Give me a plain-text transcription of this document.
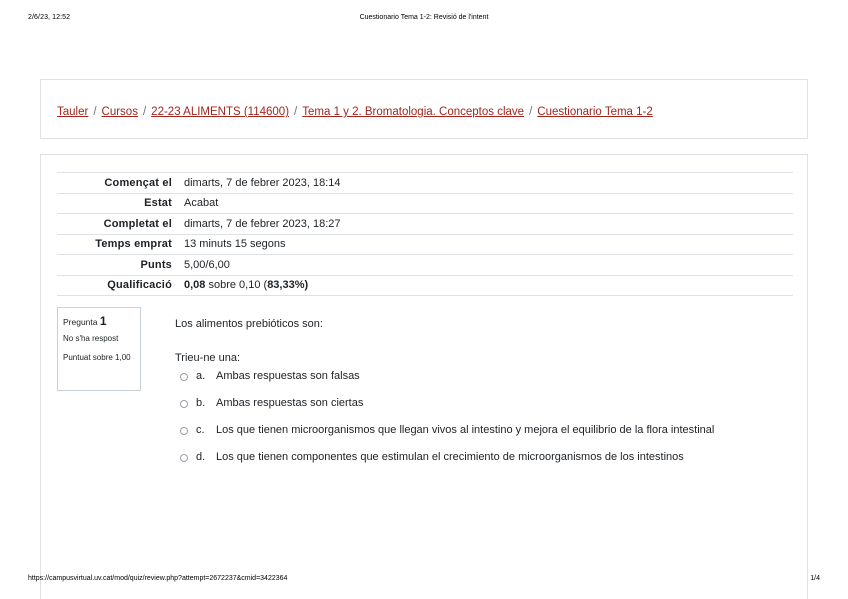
2/6/23, 12:52	Cuestionario Tema 1-2: Revisió de l'intent
Tauler / Cursos / 22-23 ALIMENTS (114600) / Tema 1 y 2. Bromatologia. Conceptos clave / Cuestionario Tema 1-2
Començat el	dimarts, 7 de febrer 2023, 18:14
Estat	Acabat
Completat el	dimarts, 7 de febrer 2023, 18:27
Temps emprat	13 minuts 15 segons
Punts	5,00/6,00
Qualificació	0,08 sobre 0,10 (83,33%)
Pregunta 1
No s'ha respost
Puntuat sobre 1,00
Los alimentos prebióticos son:
Trieu-ne una:
a. Ambas respuestas son falsas
b. Ambas respuestas son ciertas
c.	Los que tienen microorganismos que llegan vivos al intestino y mejora el equilibrio de la flora intestinal
d. Los que tienen componentes que estimulan el crecimiento de microorganismos de los intestinos
https://campusvirtual.uv.cat/mod/quiz/review.php?attempt=2672237&cmid=3422364	1/4
